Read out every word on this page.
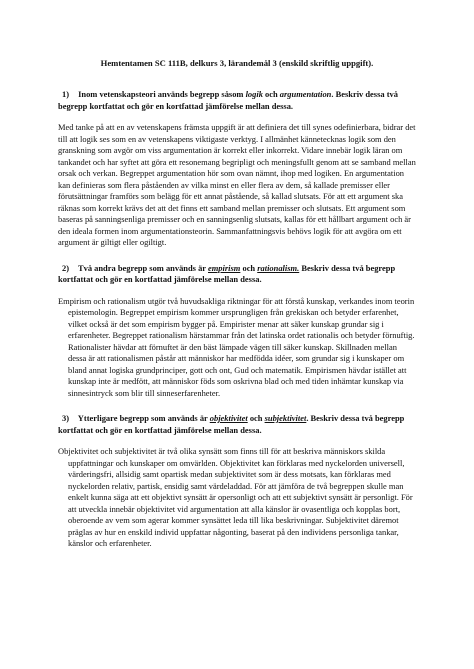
Hemtentamen SC 111B, delkurs 3, lärandemål 3 (enskild skriftlig uppgift).
1) Inom vetenskapsteori används begrepp såsom logik och argumentation. Beskriv dessa två begrepp kortfattat och gör en kortfattad jämförelse mellan dessa.
Med tanke på att en av vetenskapens främsta uppgift är att definiera det till synes odefinierbara, bidrar det till att logik ses som en av vetenskapens viktigaste verktyg. I allmänhet kännetecknas logik som den granskning som avgör om viss argumentation är korrekt eller inkorrekt. Vidare innebär logik läran om tankandet och har syftet att göra ett resonemang begripligt och meningsfullt genom att se samband mellan orsak och verkan. Begreppet argumentation hör som ovan nämnt, ihop med logiken. En argumentation kan definieras som flera påståenden av vilka minst en eller flera av dem, så kallade premisser eller förutsättningar framförs som belägg för ett annat påstående, så kallad slutsats. För att ett argument ska räknas som korrekt krävs det att det finns ett samband mellan premisser och slutsats. Ett argument som baseras på sanningsenliga premisser och en sanningsenlig slutsats, kallas för ett hållbart argument och är den ideala formen inom argumentationsteorin. Sammanfattningsvis behövs logik för att avgöra om ett argument är giltigt eller ogiltigt.
2) Två andra begrepp som används är empirism och rationalism. Beskriv dessa två begrepp kortfattat och gör en kortfattad jämförelse mellan dessa.
Empirism och rationalism utgör två huvudsakliga riktningar för att förstå kunskap, verkandes inom teorin epistemologin. Begreppet empirism kommer ursprungligen från grekiskan och betyder erfarenhet, vilket också är det som empirism bygger på. Empirister menar att säker kunskap grundar sig i erfarenheter. Begreppet rationalism härstammar från det latinska ordet rationalis och betyder förnuftig. Rationalister hävdar att förnuftet är den bäst lämpade vägen till säker kunskap. Skillnaden mellan dessa är att rationalismen påstår att människor har medfödda idéer, som grundar sig i kunskaper om bland annat logiska grundprinciper, gott och ont, Gud och matematik. Empirismen hävdar istället att kunskap inte är medfött, att människor föds som oskrivna blad och med tiden inhämtar kunskap via sinnesintryck som blir till sinneserfarenheter.
3) Ytterligare begrepp som används är objektivitet och subjektivitet. Beskriv dessa två begrepp kortfattat och gör en kortfattad jämförelse mellan dessa.
Objektivitet och subjektivitet är två olika synsätt som finns till för att beskriva människors skilda uppfattningar och kunskaper om omvärlden. Objektivitet kan förklaras med nyckelorden universell, värderingsfri, allsidig samt opartisk medan subjektivitet som är dess motsats, kan förklaras med nyckelorden relativ, partisk, ensidig samt värdeladdad. För att jämföra de två begreppen skulle man enkelt kunna säga att ett objektivt synsätt är opersonligt och att ett subjektivt synsätt är personligt. För att utveckla innebär objektivitet vid argumentation att alla känslor är ovasentliga och kopplas bort, oberoende av vem som agerar kommer synsättet leda till lika beskrivningar. Subjektivitet däremot präglas av hur en enskild individ uppfattar någonting, baserat på den individens personliga tankar, känslor och erfarenheter.
